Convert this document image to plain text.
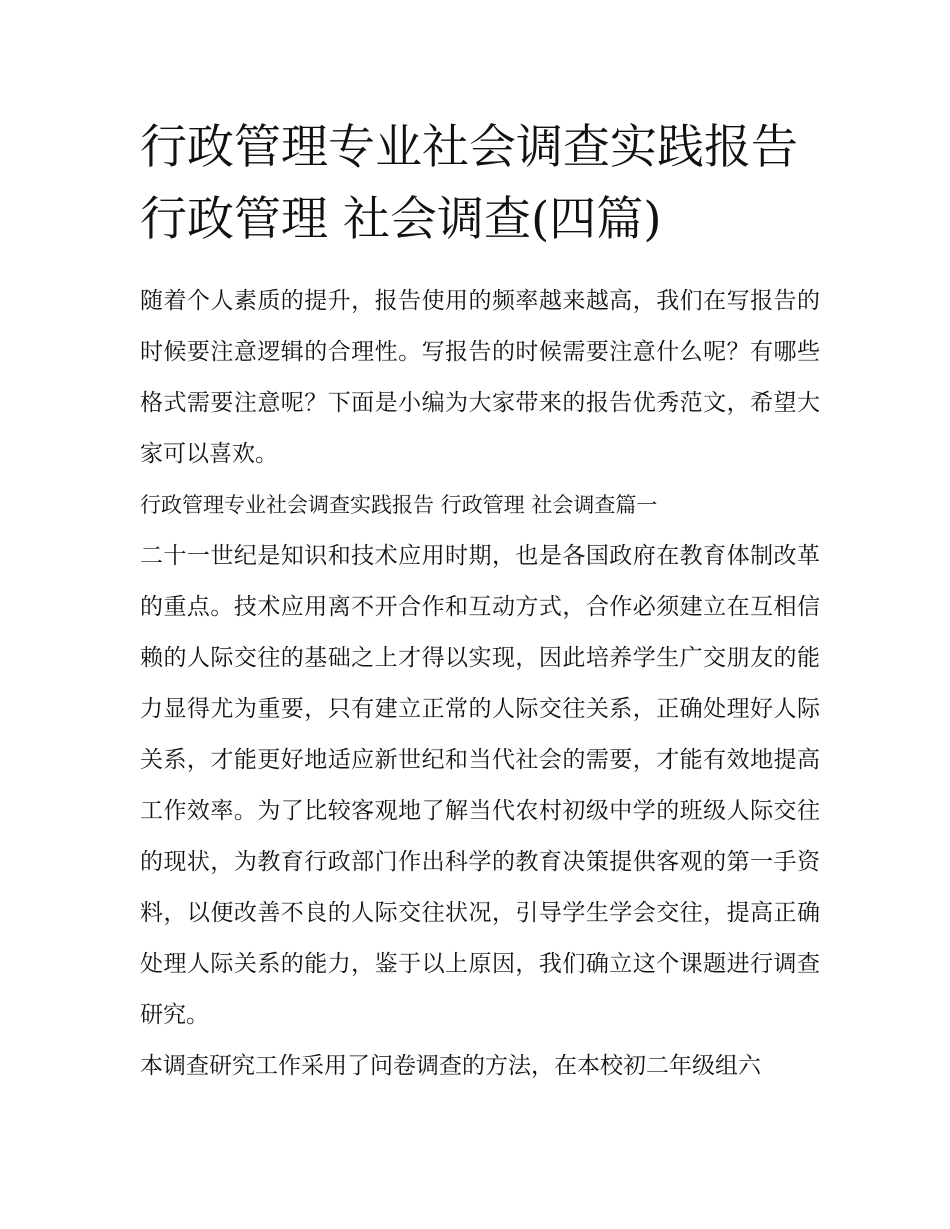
行政管理专业社会调查实践报告 行政管理 社会调查(四篇)

随着个人素质的提升，报告使用的频率越来越高，我们在写报告的时候要注意逻辑的合理性。写报告的时候需要注意什么呢？有哪些格式需要注意呢？下面是小编为大家带来的报告优秀范文，希望大家可以喜欢。

行政管理专业社会调查实践报告 行政管理 社会调查篇一

二十一世纪是知识和技术应用时期，也是各国政府在教育体制改革的重点。技术应用离不开合作和互动方式，合作必须建立在互相信赖的人际交往的基础之上才得以实现，因此培养学生广交朋友的能力显得尤为重要，只有建立正常的人际交往关系，正确处理好人际关系，才能更好地适应新世纪和当代社会的需要，才能有效地提高工作效率。为了比较客观地了解当代农村初级中学的班级人际交往的现状，为教育行政部门作出科学的教育决策提供客观的第一手资料，以便改善不良的人际交往状况，引导学生学会交往，提高正确处理人际关系的能力，鉴于以上原因，我们确立这个课题进行调查研究。

本调查研究工作采用了问卷调查的方法，在本校初二年级组六
